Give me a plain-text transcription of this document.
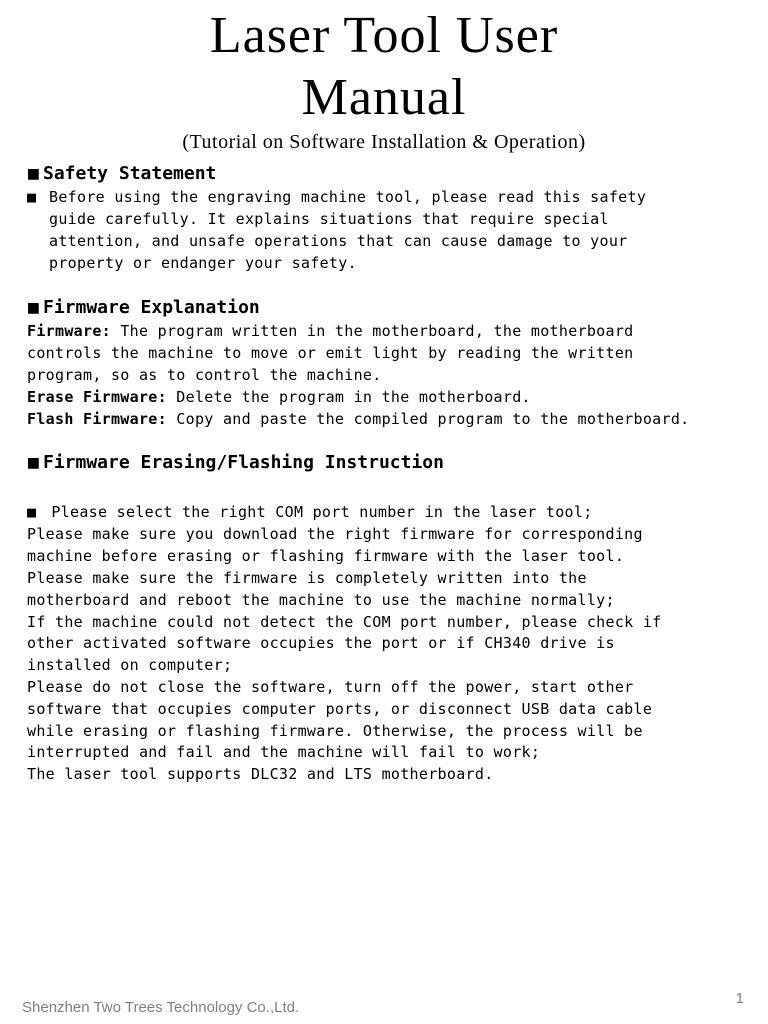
Laser Tool User
Manual
(Tutorial on Software Installation & Operation)
■ Safety Statement
■ Before using the engraving machine tool, please read this safety
guide carefully. It explains situations that require special
attention, and unsafe operations that can cause damage to your
property or endanger your safety.
■ Firmware Explanation
Firmware: The program written in the motherboard, the motherboard
controls the machine to move or emit light by reading the written
program, so as to control the machine.
Erase Firmware: Delete the program in the motherboard.
Flash Firmware: Copy and paste the compiled program to the motherboard.
■ Firmware Erasing/Flashing Instruction
■ Please select the right COM port number in the laser tool;
Please make sure you download the right firmware for corresponding
machine before erasing or flashing firmware with the laser tool.
Please make sure the firmware is completely written into the
motherboard and reboot the machine to use the machine normally;
If the machine could not detect the COM port number, please check if
other activated software occupies the port or if CH340 drive is
installed on computer;
Please do not close the software, turn off the power, start other
software that occupies computer ports, or disconnect USB data cable
while erasing or flashing firmware. Otherwise, the process will be
interrupted and fail and the machine will fail to work;
The laser tool supports DLC32 and LTS motherboard.
Shenzhen Two Trees Technology Co.,Ltd.
1
